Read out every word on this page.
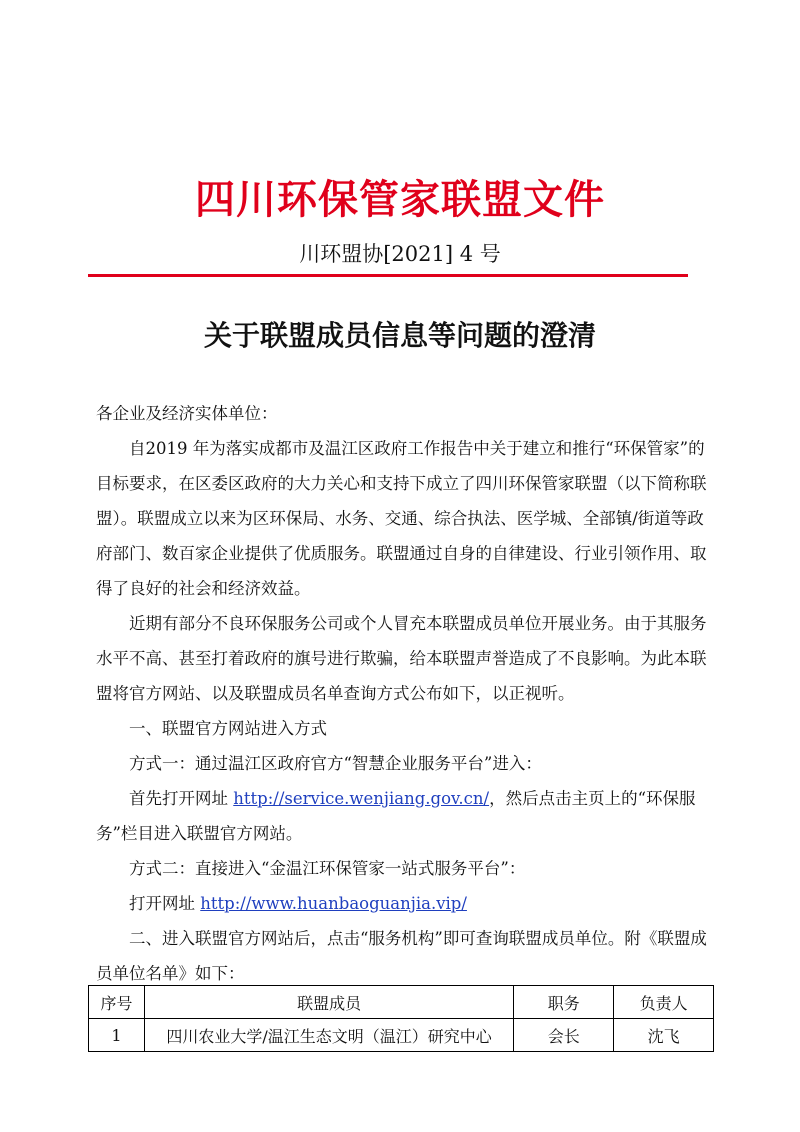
四川环保管家联盟文件
川环盟协[2021] 4 号
关于联盟成员信息等问题的澄清

各企业及经济实体单位：

自2019 年为落实成都市及温江区政府工作报告中关于建立和推行“环保管家”的目标要求，在区委区政府的大力关心和支持下成立了四川环保管家联盟（以下简称联盟）。联盟成立以来为区环保局、水务、交通、综合执法、医学城、全部镇/街道等政府部门、数百家企业提供了优质服务。联盟通过自身的自律建设、行业引领作用、取得了良好的社会和经济效益。

近期有部分不良环保服务公司或个人冒充本联盟成员单位开展业务。由于其服务水平不高、甚至打着政府的旗号进行欺骗，给本联盟声誉造成了不良影响。为此本联盟将官方网站、以及联盟成员名单查询方式公布如下，以正视听。

一、联盟官方网站进入方式

方式一：通过温江区政府官方“智慧企业服务平台”进入：

首先打开网址 http://service.wenjiang.gov.cn/，然后点击主页上的“环保服务”栏目进入联盟官方网站。

方式二：直接进入“金温江环保管家一站式服务平台”：

打开网址 http://www.huanbaoguanjia.vip/

二、进入联盟官方网站后，点击“服务机构”即可查询联盟成员单位。附《联盟成员单位名单》如下：

序号	联盟成员	职务	负责人
1	四川农业大学/温江生态文明（温江）研究中心	会长	沈飞
